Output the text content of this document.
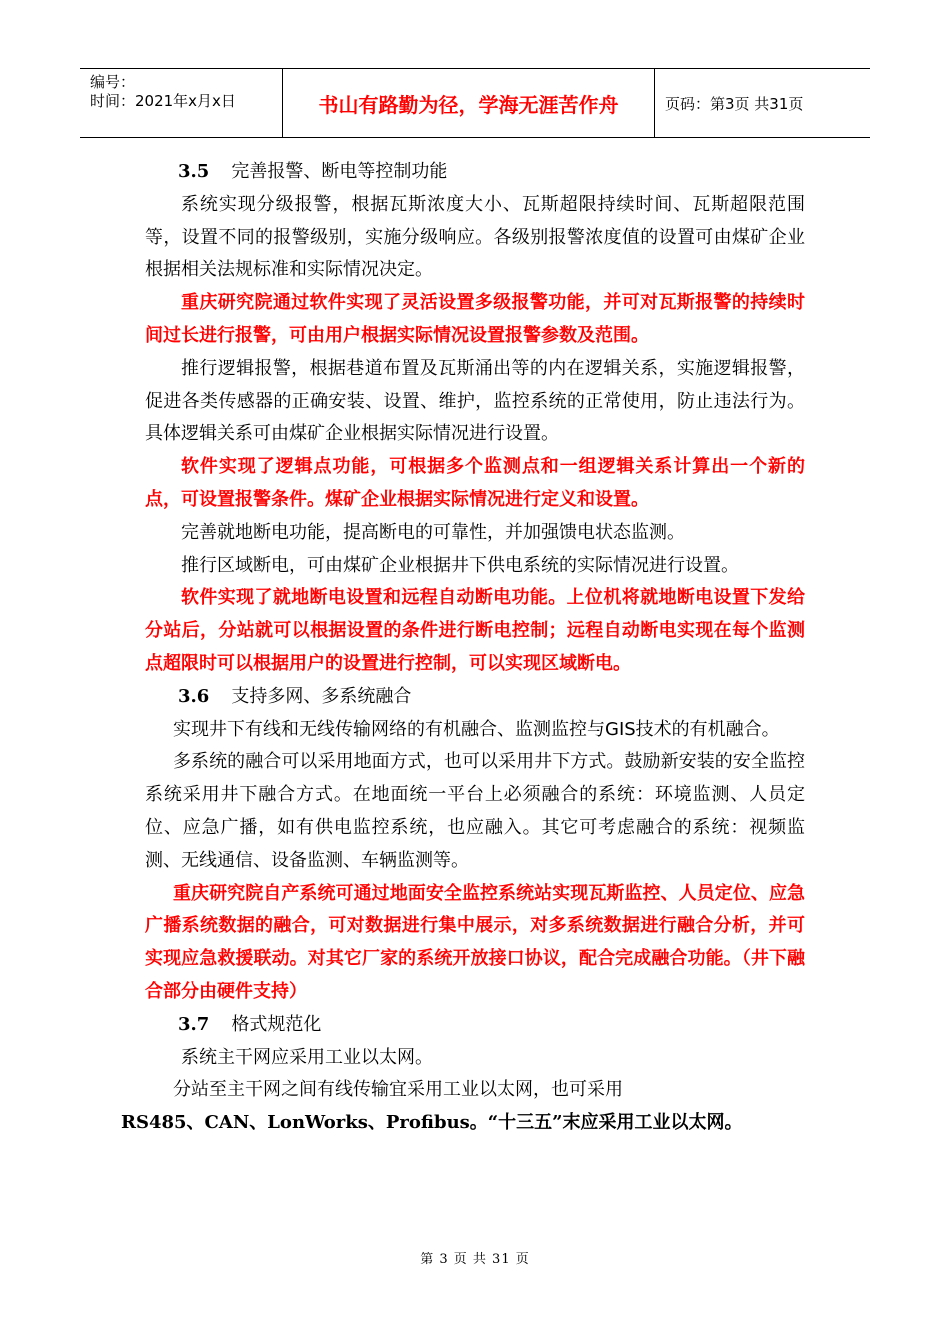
编号：
时间：2021年x月x日	书山有路勤为径，学海无涯苦作舟	页码：第3页 共31页

3.5 完善报警、断电等控制功能

系统实现分级报警，根据瓦斯浓度大小、瓦斯超限持续时间、瓦斯超限范围等，设置不同的报警级别，实施分级响应。各级别报警浓度值的设置可由煤矿企业根据相关法规标准和实际情况决定。

重庆研究院通过软件实现了灵活设置多级报警功能，并可对瓦斯报警的持续时间过长进行报警，可由用户根据实际情况设置报警参数及范围。

推行逻辑报警，根据巷道布置及瓦斯涌出等的内在逻辑关系，实施逻辑报警，促进各类传感器的正确安装、设置、维护，监控系统的正常使用，防止违法行为。具体逻辑关系可由煤矿企业根据实际情况进行设置。

软件实现了逻辑点功能，可根据多个监测点和一组逻辑关系计算出一个新的点，可设置报警条件。煤矿企业根据实际情况进行定义和设置。

完善就地断电功能，提高断电的可靠性，并加强馈电状态监测。

推行区域断电，可由煤矿企业根据井下供电系统的实际情况进行设置。

软件实现了就地断电设置和远程自动断电功能。上位机将就地断电设置下发给分站后，分站就可以根据设置的条件进行断电控制；远程自动断电实现在每个监测点超限时可以根据用户的设置进行控制，可以实现区域断电。

3.6 支持多网、多系统融合

实现井下有线和无线传输网络的有机融合、监测监控与GIS技术的有机融合。

多系统的融合可以采用地面方式，也可以采用井下方式。鼓励新安装的安全监控系统采用井下融合方式。在地面统一平台上必须融合的系统：环境监测、人员定位、应急广播，如有供电监控系统，也应融入。其它可考虑融合的系统：视频监测、无线通信、设备监测、车辆监测等。

重庆研究院自产系统可通过地面安全监控系统站实现瓦斯监控、人员定位、应急广播系统数据的融合，可对数据进行集中展示，对多系统数据进行融合分析，并可实现应急救援联动。对其它厂家的系统开放接口协议，配合完成融合功能。（井下融合部分由硬件支持）

3.7 格式规范化

系统主干网应采用工业以太网。

分站至主干网之间有线传输宜采用工业以太网，也可采用

RS485、CAN、LonWorks、Profibus。“十三五”末应采用工业以太网。

第 3 页 共 31 页
